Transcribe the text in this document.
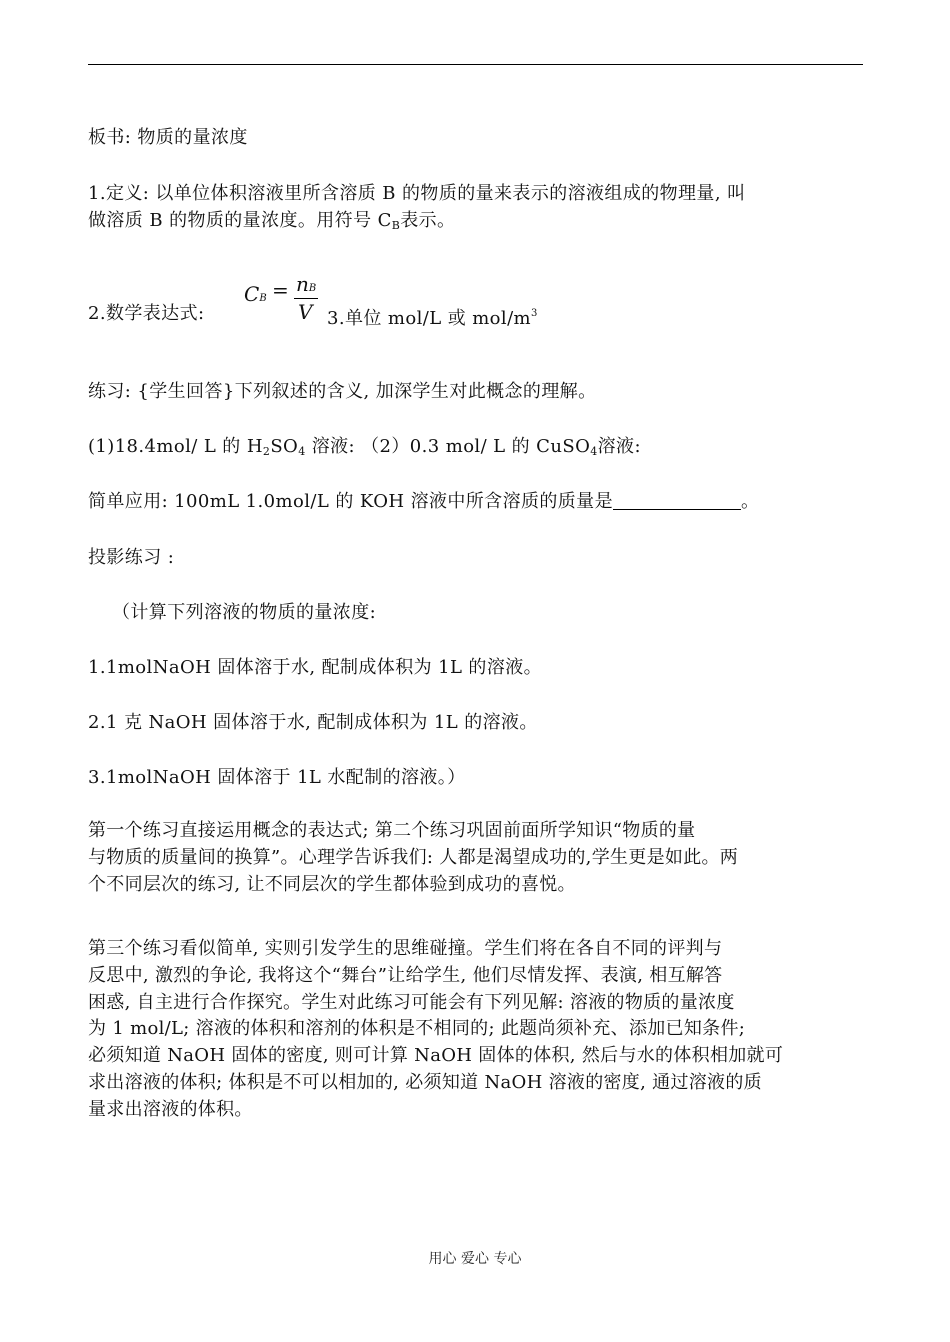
板书: 物质的量浓度
1.定义: 以单位体积溶液里所含溶质 B 的物质的量来表示的溶液组成的物理量, 叫
做溶质 B 的物质的量浓度。用符号 $C_B$表示。
2.数学表达式:
CB = nB
V 3.单位 mol/L 或 mol/$m^3$
练习: {学生回答}下列叙述的含义, 加深学生对此概念的理解。
(1)18.4mol/ L 的 $H_2SO_4$ 溶液: （2）0.3 mol/ L 的 CuSO$_4$溶液:
简单应用: 100mL 1.0mol/L 的 KOH 溶液中所含溶质的质量是	。
投影练习 :
（计算下列溶液的物质的量浓度:
1.1molNaOH 固体溶于水, 配制成体积为 1L 的溶液。
2.1 克 NaOH 固体溶于水, 配制成体积为 1L 的溶液。
3.1molNaOH 固体溶于 1L 水配制的溶液。）
第一个练习直接运用概念的表达式; 第二个练习巩固前面所学知识“物质的量
与物质的质量间的换算”。心理学告诉我们: 人都是渴望成功的,学生更是如此。两
个不同层次的练习, 让不同层次的学生都体验到成功的喜悦。
第三个练习看似简单, 实则引发学生的思维碰撞。学生们将在各自不同的评判与
反思中, 激烈的争论, 我将这个“舞台”让给学生, 他们尽情发挥、表演, 相互解答
困惑, 自主进行合作探究。学生对此练习可能会有下列见解: 溶液的物质的量浓度
为 1 mol/L; 溶液的体积和溶剂的体积是不相同的; 此题尚须补充、添加已知条件;
必须知道 NaOH 固体的密度, 则可计算 NaOH 固体的体积, 然后与水的体积相加就可
求出溶液的体积; 体积是不可以相加的, 必须知道 NaOH 溶液的密度, 通过溶液的质
量求出溶液的体积。
用心 爱心 专心
